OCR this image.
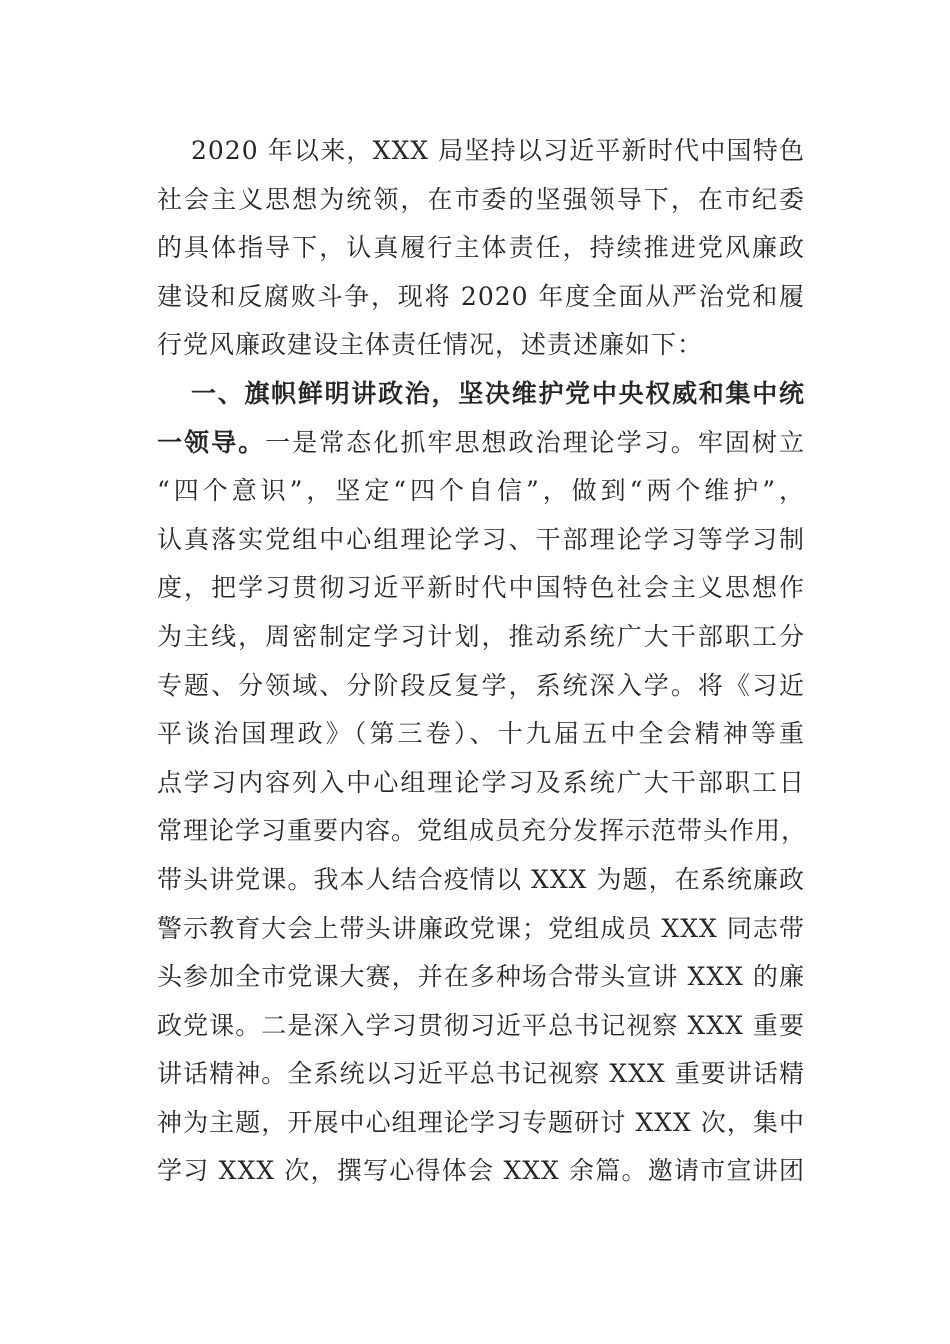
2020 年以来，XXX 局坚持以习近平新时代中国特色
社会主义思想为统领，在市委的坚强领导下，在市纪委
的具体指导下，认真履行主体责任，持续推进党风廉政
建设和反腐败斗争，现将 2020 年度全面从严治党和履
行党风廉政建设主体责任情况，述责述廉如下：
一、旗帜鲜明讲政治，坚决维护党中央权威和集中统
一领导。一是常态化抓牢思想政治理论学习。牢固树立
“四个意识”，坚定“四个自信”，做到“两个维护”，
认真落实党组中心组理论学习、干部理论学习等学习制
度，把学习贯彻习近平新时代中国特色社会主义思想作
为主线，周密制定学习计划，推动系统广大干部职工分
专题、分领域、分阶段反复学，系统深入学。将《习近
平谈治国理政》（第三卷）、十九届五中全会精神等重
点学习内容列入中心组理论学习及系统广大干部职工日
常理论学习重要内容。党组成员充分发挥示范带头作用，
带头讲党课。我本人结合疫情以 XXX 为题，在系统廉政
警示教育大会上带头讲廉政党课；党组成员 XXX 同志带
头参加全市党课大赛，并在多种场合带头宣讲 XXX 的廉
政党课。二是深入学习贯彻习近平总书记视察 XXX 重要
讲话精神。全系统以习近平总书记视察 XXX 重要讲话精
神为主题，开展中心组理论学习专题研讨 XXX 次，集中
学习 XXX 次，撰写心得体会 XXX 余篇。邀请市宣讲团
